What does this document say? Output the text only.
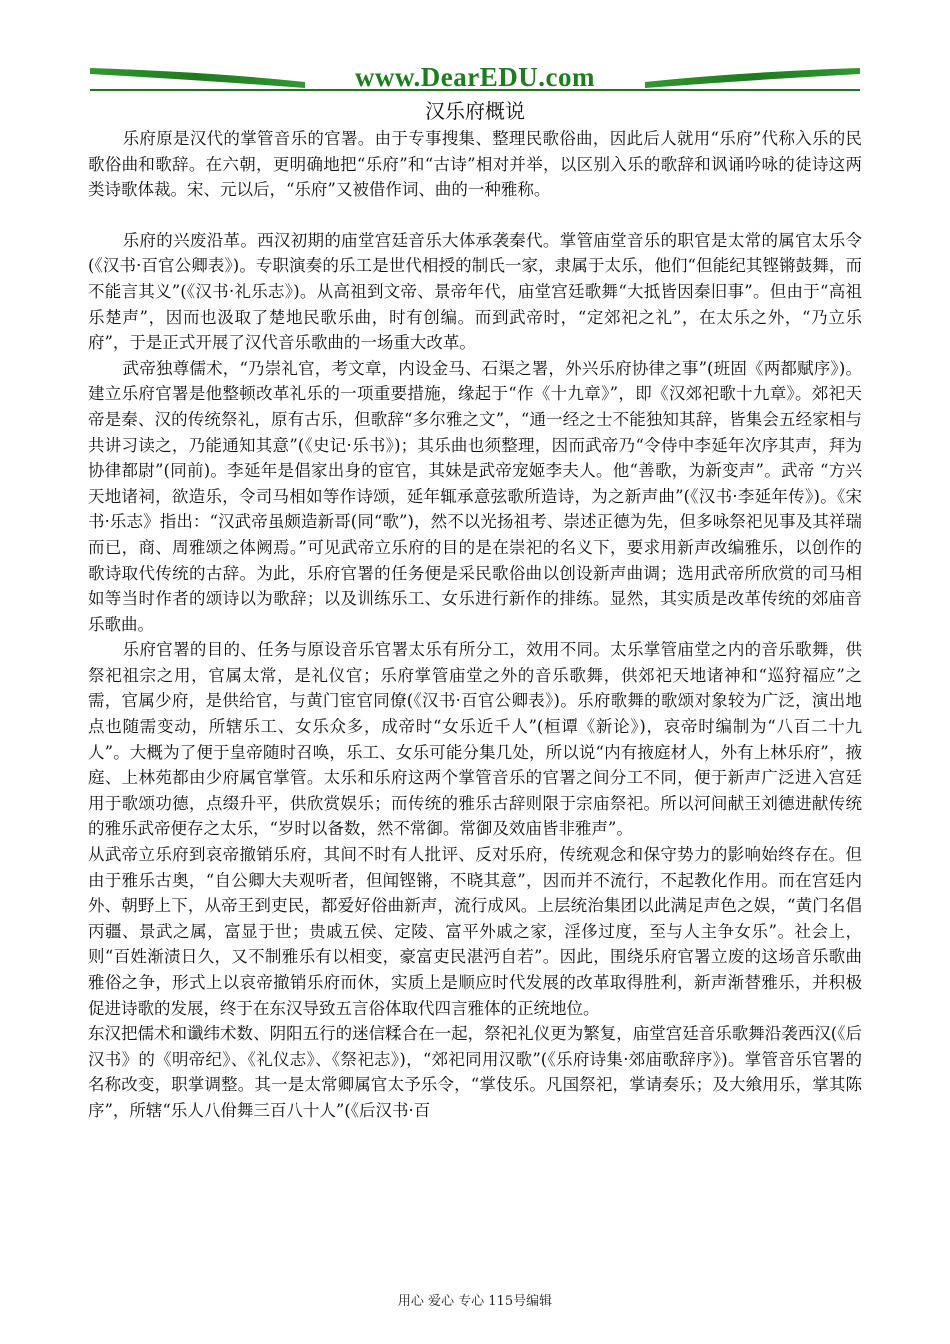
www.DearEDU.com
汉乐府概说

乐府原是汉代的掌管音乐的官署。由于专事搜集、整理民歌俗曲，因此后人就用“乐府”代称入乐的民歌俗曲和歌辞。在六朝，更明确地把“乐府”和“古诗”相对并举，以区别入乐的歌辞和讽诵吟咏的徒诗这两类诗歌体裁。宋、元以后，“乐府”又被借作词、曲的一种雅称。

乐府的兴废沿革。西汉初期的庙堂宫廷音乐大体承袭秦代。掌管庙堂音乐的职官是太常的属官太乐令(《汉书·百官公卿表》)。专职演奏的乐工是世代相授的制氏一家，隶属于太乐，他们“但能纪其铿锵鼓舞，而不能言其义”(《汉书·礼乐志》)。从高祖到文帝、景帝年代，庙堂宫廷歌舞“大抵皆因秦旧事”。但由于“高祖乐楚声”，因而也汲取了楚地民歌乐曲，时有创编。而到武帝时，“定郊祀之礼”，在太乐之外，“乃立乐府”，于是正式开展了汉代音乐歌曲的一场重大改革。

武帝独尊儒术，“乃崇礼官，考文章，内设金马、石渠之署，外兴乐府协律之事”(班固《两都赋序》)。建立乐府官署是他整顿改革礼乐的一项重要措施，缘起于“作《十九章》”，即《汉郊祀歌十九章》。郊祀天帝是秦、汉的传统祭礼，原有古乐，但歌辞“多尔雅之文”，“通一经之士不能独知其辞，皆集会五经家相与共讲习读之，乃能通知其意”(《史记·乐书》)；其乐曲也须整理，因而武帝乃“令侍中李延年次序其声，拜为协律都尉”(同前)。李延年是倡家出身的宦官，其妹是武帝宠姬李夫人。他“善歌，为新变声”。武帝 “方兴天地诸祠，欲造乐，令司马相如等作诗颂，延年辄承意弦歌所造诗，为之新声曲”(《汉书·李延年传》)。《宋书·乐志》指出：“汉武帝虽颇造新哥(同“歌”)，然不以光扬祖考、崇述正德为先，但多咏祭祀见事及其祥瑞而已，商、周雅颂之体阙焉。”可见武帝立乐府的目的是在崇祀的名义下，要求用新声改编雅乐，以创作的歌诗取代传统的古辞。为此，乐府官署的任务便是采民歌俗曲以创设新声曲调；选用武帝所欣赏的司马相如等当时作者的颂诗以为歌辞；以及训练乐工、女乐进行新作的排练。显然，其实质是改革传统的郊庙音乐歌曲。

乐府官署的目的、任务与原设音乐官署太乐有所分工，效用不同。太乐掌管庙堂之内的音乐歌舞，供祭祀祖宗之用，官属太常，是礼仪官；乐府掌管庙堂之外的音乐歌舞，供郊祀天地诸神和“巡狩福应”之需，官属少府，是供给官，与黄门宦官同僚(《汉书·百官公卿表》)。乐府歌舞的歌颂对象较为广泛，演出地点也随需变动，所辖乐工、女乐众多，成帝时“女乐近千人”(桓谭《新论》)，哀帝时编制为“八百二十九人”。大概为了便于皇帝随时召唤，乐工、女乐可能分集几处，所以说“内有掖庭材人，外有上林乐府”，掖庭、上林苑都由少府属官掌管。太乐和乐府这两个掌管音乐的官署之间分工不同，便于新声广泛进入宫廷用于歌颂功德，点缀升平，供欣赏娱乐；而传统的雅乐古辞则限于宗庙祭祀。所以河间献王刘德进献传统的雅乐武帝便存之太乐，“岁时以备数，然不常御。常御及效庙皆非雅声”。

从武帝立乐府到哀帝撤销乐府，其间不时有人批评、反对乐府，传统观念和保守势力的影响始终存在。但由于雅乐古奥，“自公卿大夫观听者，但闻铿锵，不晓其意”，因而并不流行，不起教化作用。而在宫廷内外、朝野上下，从帝王到吏民，都爱好俗曲新声，流行成风。上层统治集团以此满足声色之娱，“黄门名倡丙疆、景武之属，富显于世；贵戚五侯、定陵、富平外戚之家，淫侈过度，至与人主争女乐”。社会上，则“百姓渐渍日久，又不制雅乐有以相变，豪富吏民湛沔自若”。因此，围绕乐府官署立废的这场音乐歌曲雅俗之争，形式上以哀帝撤销乐府而休，实质上是顺应时代发展的改革取得胜利，新声渐替雅乐，并积极促进诗歌的发展，终于在东汉导致五言俗体取代四言雅体的正统地位。

东汉把儒术和谶纬术数、阴阳五行的迷信糅合在一起，祭祀礼仪更为繁复，庙堂宫廷音乐歌舞沿袭西汉(《后汉书》的《明帝纪》、《礼仪志》、《祭祀志》)，“郊祀同用汉歌”(《乐府诗集·郊庙歌辞序》)。掌管音乐官署的名称改变，职掌调整。其一是太常卿属官太予乐令，“掌伎乐。凡国祭祀，掌请奏乐；及大飨用乐，掌其陈序”，所辖“乐人八佾舞三百八十人”(《后汉书·百

用心 爱心 专心 115号编辑
